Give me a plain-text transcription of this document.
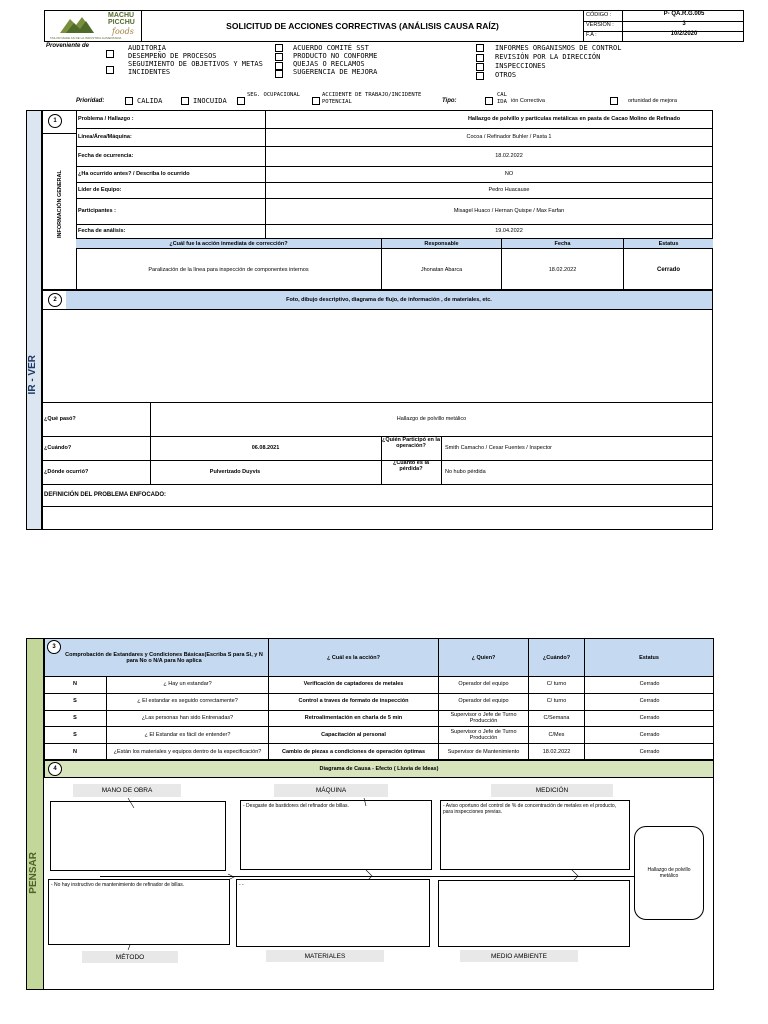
MACHU
PICCHU
foods
TAILOR MADE AS DE LA INDUSTRIA ALIMENTARIA
SOLICITUD DE ACCIONES CORRECTIVAS (ANÁLISIS CAUSA RAÍZ)
CÓDIGO :	P- QA.R.G.005
VERSIÓN :	3
F.A :	10/2/2020
Proveniente de	AUDITORIA
DESEMPEÑO DE PROCESOS
SEGUIMIENTO DE OBJETIVOS Y METAS
INCIDENTES
ACUERDO COMITÉ SST
PRODUCTO NO CONFORME
QUEJAS O RECLAMOS
SUGERENCIA DE MEJORA
INFORMES ORGANISMOS DE CONTROL
REVISIÓN POR LA DIRECCIÓN
INSPECCIONES
OTROS
Prioridad:	CALIDA	INOCUIDA
SEG. OCUPACIONAL	ACCIDENTE DE TRABAJO/INCIDENTE POTENCIAL	Tipo:
CAL IDA ión Correctiva	ortunidad de mejora
IR - VER
1
INFORMACIÓN GENERAL
Problema / Hallazgo :	Hallazgo de polvillo y partículas metálicas en pasta de Cacao Molino de Refinado
Línea/Área/Máquina:	Cocoa / Refinador Buhler / Pasta 1
Fecha de ocurrencia:	18.02.2022
¿Ha ocurrido antes? / Describa lo ocurrido	NO
Líder de Equipo:	Pedro Huacause
Participantes :	Misagel Huaco / Hernan Quispe / Max Farfan
Fecha de análisis:	19.04.2022
¿Cuál fue la acción inmediata de corrección?	Responsable	Fecha	Estatus
Paralización de la línea para inspección de componentes internos	Jhonatan Abarca	18.02.2022	Cerrado
2	Foto, dibujo descriptivo, diagrama de flujo, de información , de materiales, etc.
¿Qué pasó?	Hallazgo de polvillo metálico
¿Cuándo?	06.08.2021
¿Quién Participó en la operación?	Smith Camacho / Cesar Fuentes / Inspector
¿Dónde ocurrió?	Pulverizado Duyvis
¿Cuánto es la pérdida?	No hubo pérdida
DEFINICIÓN DEL PROBLEMA ENFOCADO:
PENSAR
3
Comprobación de Estandares y Condiciones Básicas(Escriba S para Si, y N para No o N/A para No aplica	¿ Cuál es la acción?	¿ Quien?	¿Cuándo?	Estatus
N	¿ Hay un estandar?	Verificación de captadores de metales	Operador del equipo	C/ turno	Cerrado
S	¿ El estandar es seguido correctamente?	Control a traves de formato de inspección	Operador del equipo	C/ turno	Cerrado
S	¿Las personas han sido Entrenadas?	Retroalimentación en charla de 5 min	Supervisor o Jefe de Turno Producción	C/Semana	Cerrado
S	¿ El Estandar es fácil de entender?	Capacitación al personal	Supervisor o Jefe de Turno Producción	C/Mes	Cerrado
N	¿Están los materiales y equipos dentro de la especificación?	Cambio de piezas a condiciones de operación óptimas	Supervisor de Mantenimiento	18.02.2022	Cerrado
4	Diagrama de Causa - Efecto ( Lluvia de Ideas)
MANO DE OBRA	MÁQUINA	MEDICIÓN
- Desgaste de bastidores del refinador de billas.	- Aviso oportuno del control de % de concentración de metales en el producto, para inspecciones previas.
- No hay instructivo de mantenimiento de refinador de billas.	- -
MÉTODO	MATERIALES	MEDIO AMBIENTE
Hallazgo de polvillo metálico
